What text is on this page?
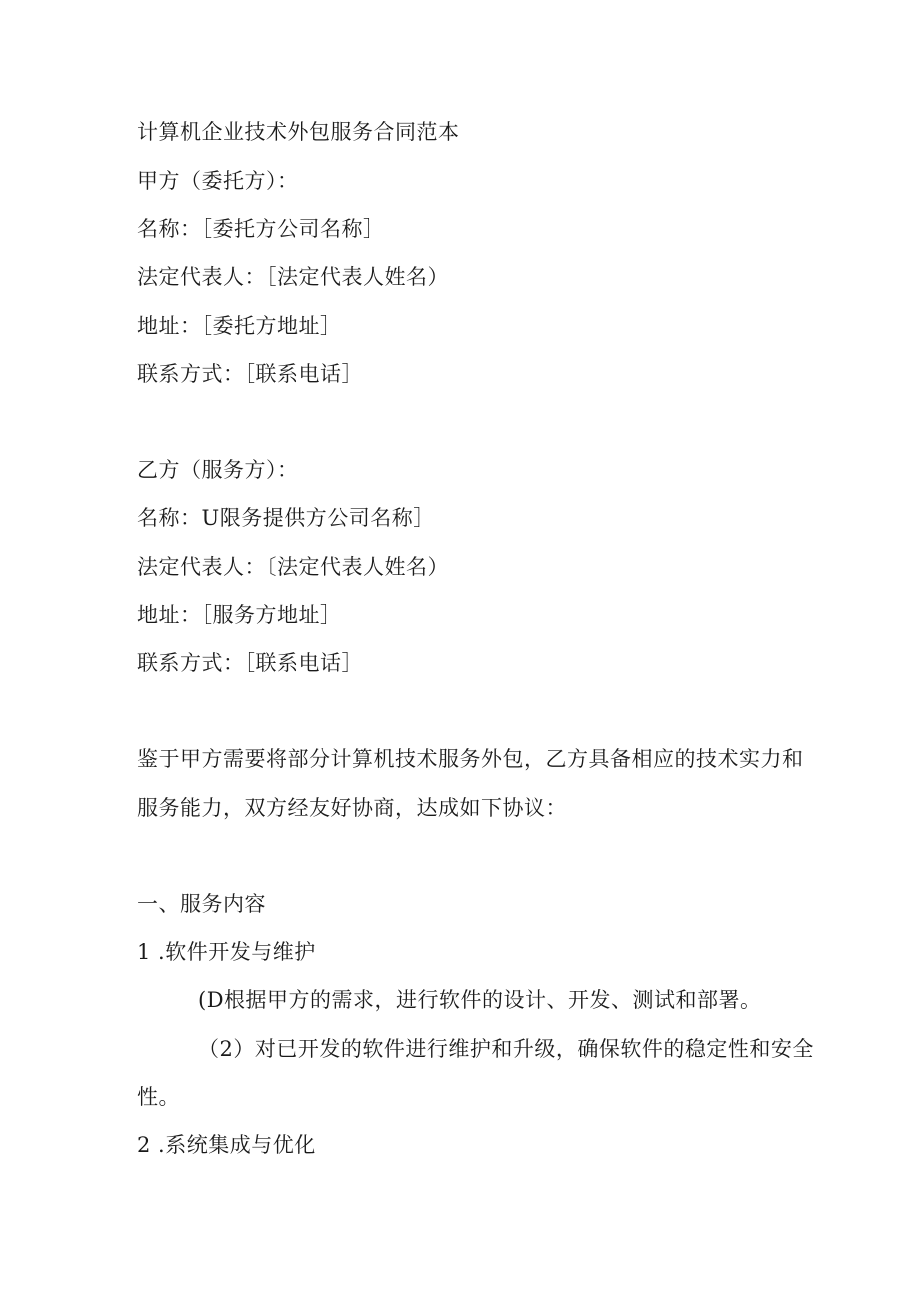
计算机企业技术外包服务合同范本
甲方（委托方）：
名称：［委托方公司名称］
法定代表人：［法定代表人姓名）
地址：［委托方地址］
联系方式：［联系电话］
乙方（服务方）：
名称：U限务提供方公司名称］
法定代表人：〔法定代表人姓名）
地址：［服务方地址］
联系方式：［联系电话］
鉴于甲方需要将部分计算机技术服务外包，乙方具备相应的技术实力和
服务能力，双方经友好协商，达成如下协议：
一、服务内容
1 .软件开发与维护
(D根据甲方的需求，进行软件的设计、开发、测试和部署。
（2）对已开发的软件进行维护和升级，确保软件的稳定性和安全
性。
2 .系统集成与优化
